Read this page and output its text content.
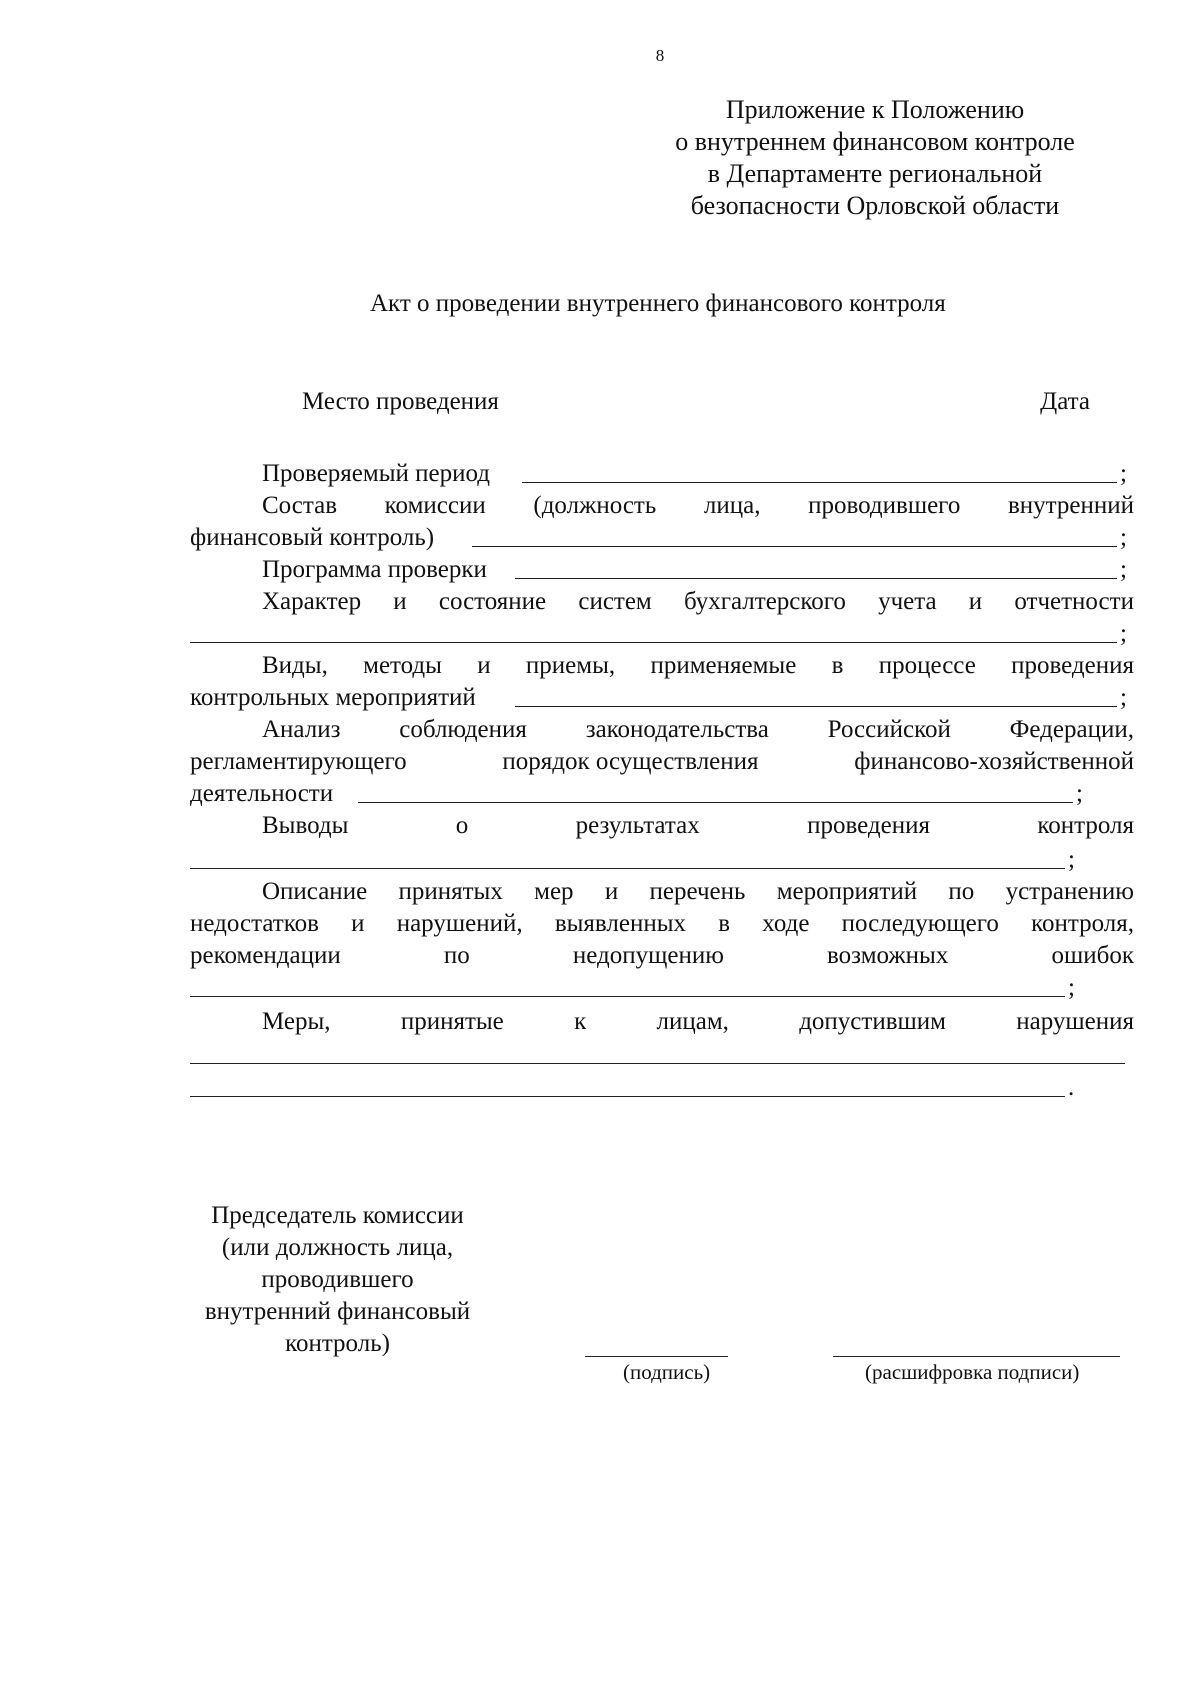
8
Приложение к Положению
о внутреннем финансовом контроле
в Департаменте региональной
безопасности Орловской области
Акт о проведении внутреннего финансового контроля
Место проведения	Дата
Проверяемый период	;
Состав комиссии (должность лица, проводившего внутренний
финансовый контроль)	;
Программа проверки	;
Характер и состояние систем бухгалтерского учета и отчетности
;
Виды, методы и приемы, применяемые в процессе проведения
контрольных мероприятий	;
Анализ соблюдения законодательства Российской Федерации,
регламентирующего	порядок осуществления	финансово-хозяйственной
деятельности	;
Выводы	о	результатах	проведения	контроля
;
Описание принятых мер и перечень мероприятий по устранению
недостатков и нарушений, выявленных в ходе последующего контроля,
рекомендации	по	недопущению	возможных	ошибок
;
Меры,	принятые	к	лицам,	допустившим	нарушения
.
Председатель комиссии
(или должность лица,
проводившего
внутренний финансовый
контроль)
(подпись)	(расшифровка подписи)
